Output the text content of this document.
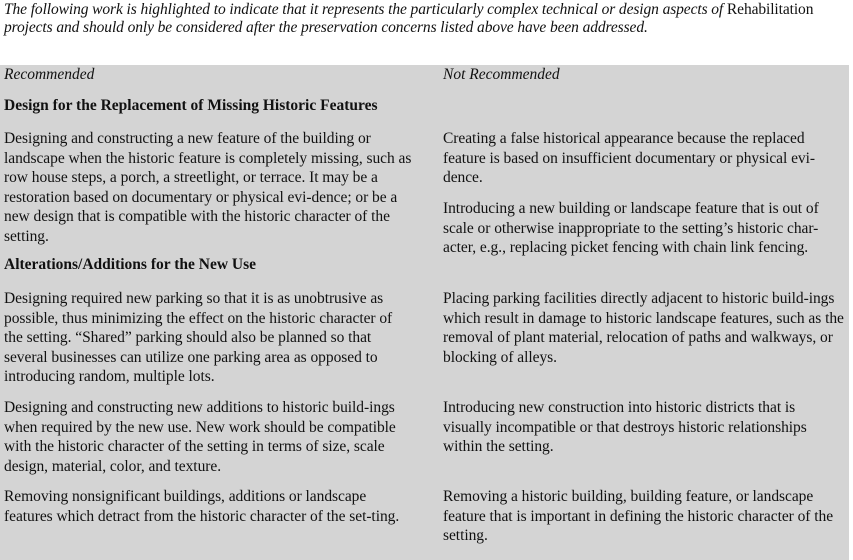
The following work is highlighted to indicate that it represents the particularly complex technical or design aspects of Rehabilitation projects and should only be considered after the preservation concerns listed above have been addressed.
Recommended	Not Recommended
Design for the Replacement of Missing Historic Features
Designing and constructing a new feature of the building or landscape when the historic feature is completely missing, such as row house steps, a porch, a streetlight, or terrace. It may be a restoration based on documentary or physical evi-dence; or be a new design that is compatible with the historic character of the setting.
Creating a false historical appearance because the replaced feature is based on insufficient documentary or physical evi-dence.
Introducing a new building or landscape feature that is out of scale or otherwise inappropriate to the setting’s historic char-acter, e.g., replacing picket fencing with chain link fencing.
Alterations/Additions for the New Use
Designing required new parking so that it is as unobtrusive as possible, thus minimizing the effect on the historic character of the setting. “Shared” parking should also be planned so that several businesses can utilize one parking area as opposed to introducing random, multiple lots.
Placing parking facilities directly adjacent to historic build-ings which result in damage to historic landscape features, such as the removal of plant material, relocation of paths and walkways, or blocking of alleys.
Designing and constructing new additions to historic build-ings when required by the new use. New work should be compatible with the historic character of the setting in terms of size, scale design, material, color, and texture.
Introducing new construction into historic districts that is visually incompatible or that destroys historic relationships within the setting.
Removing nonsignificant buildings, additions or landscape features which detract from the historic character of the set-ting.
Removing a historic building, building feature, or landscape feature that is important in defining the historic character of the setting.
